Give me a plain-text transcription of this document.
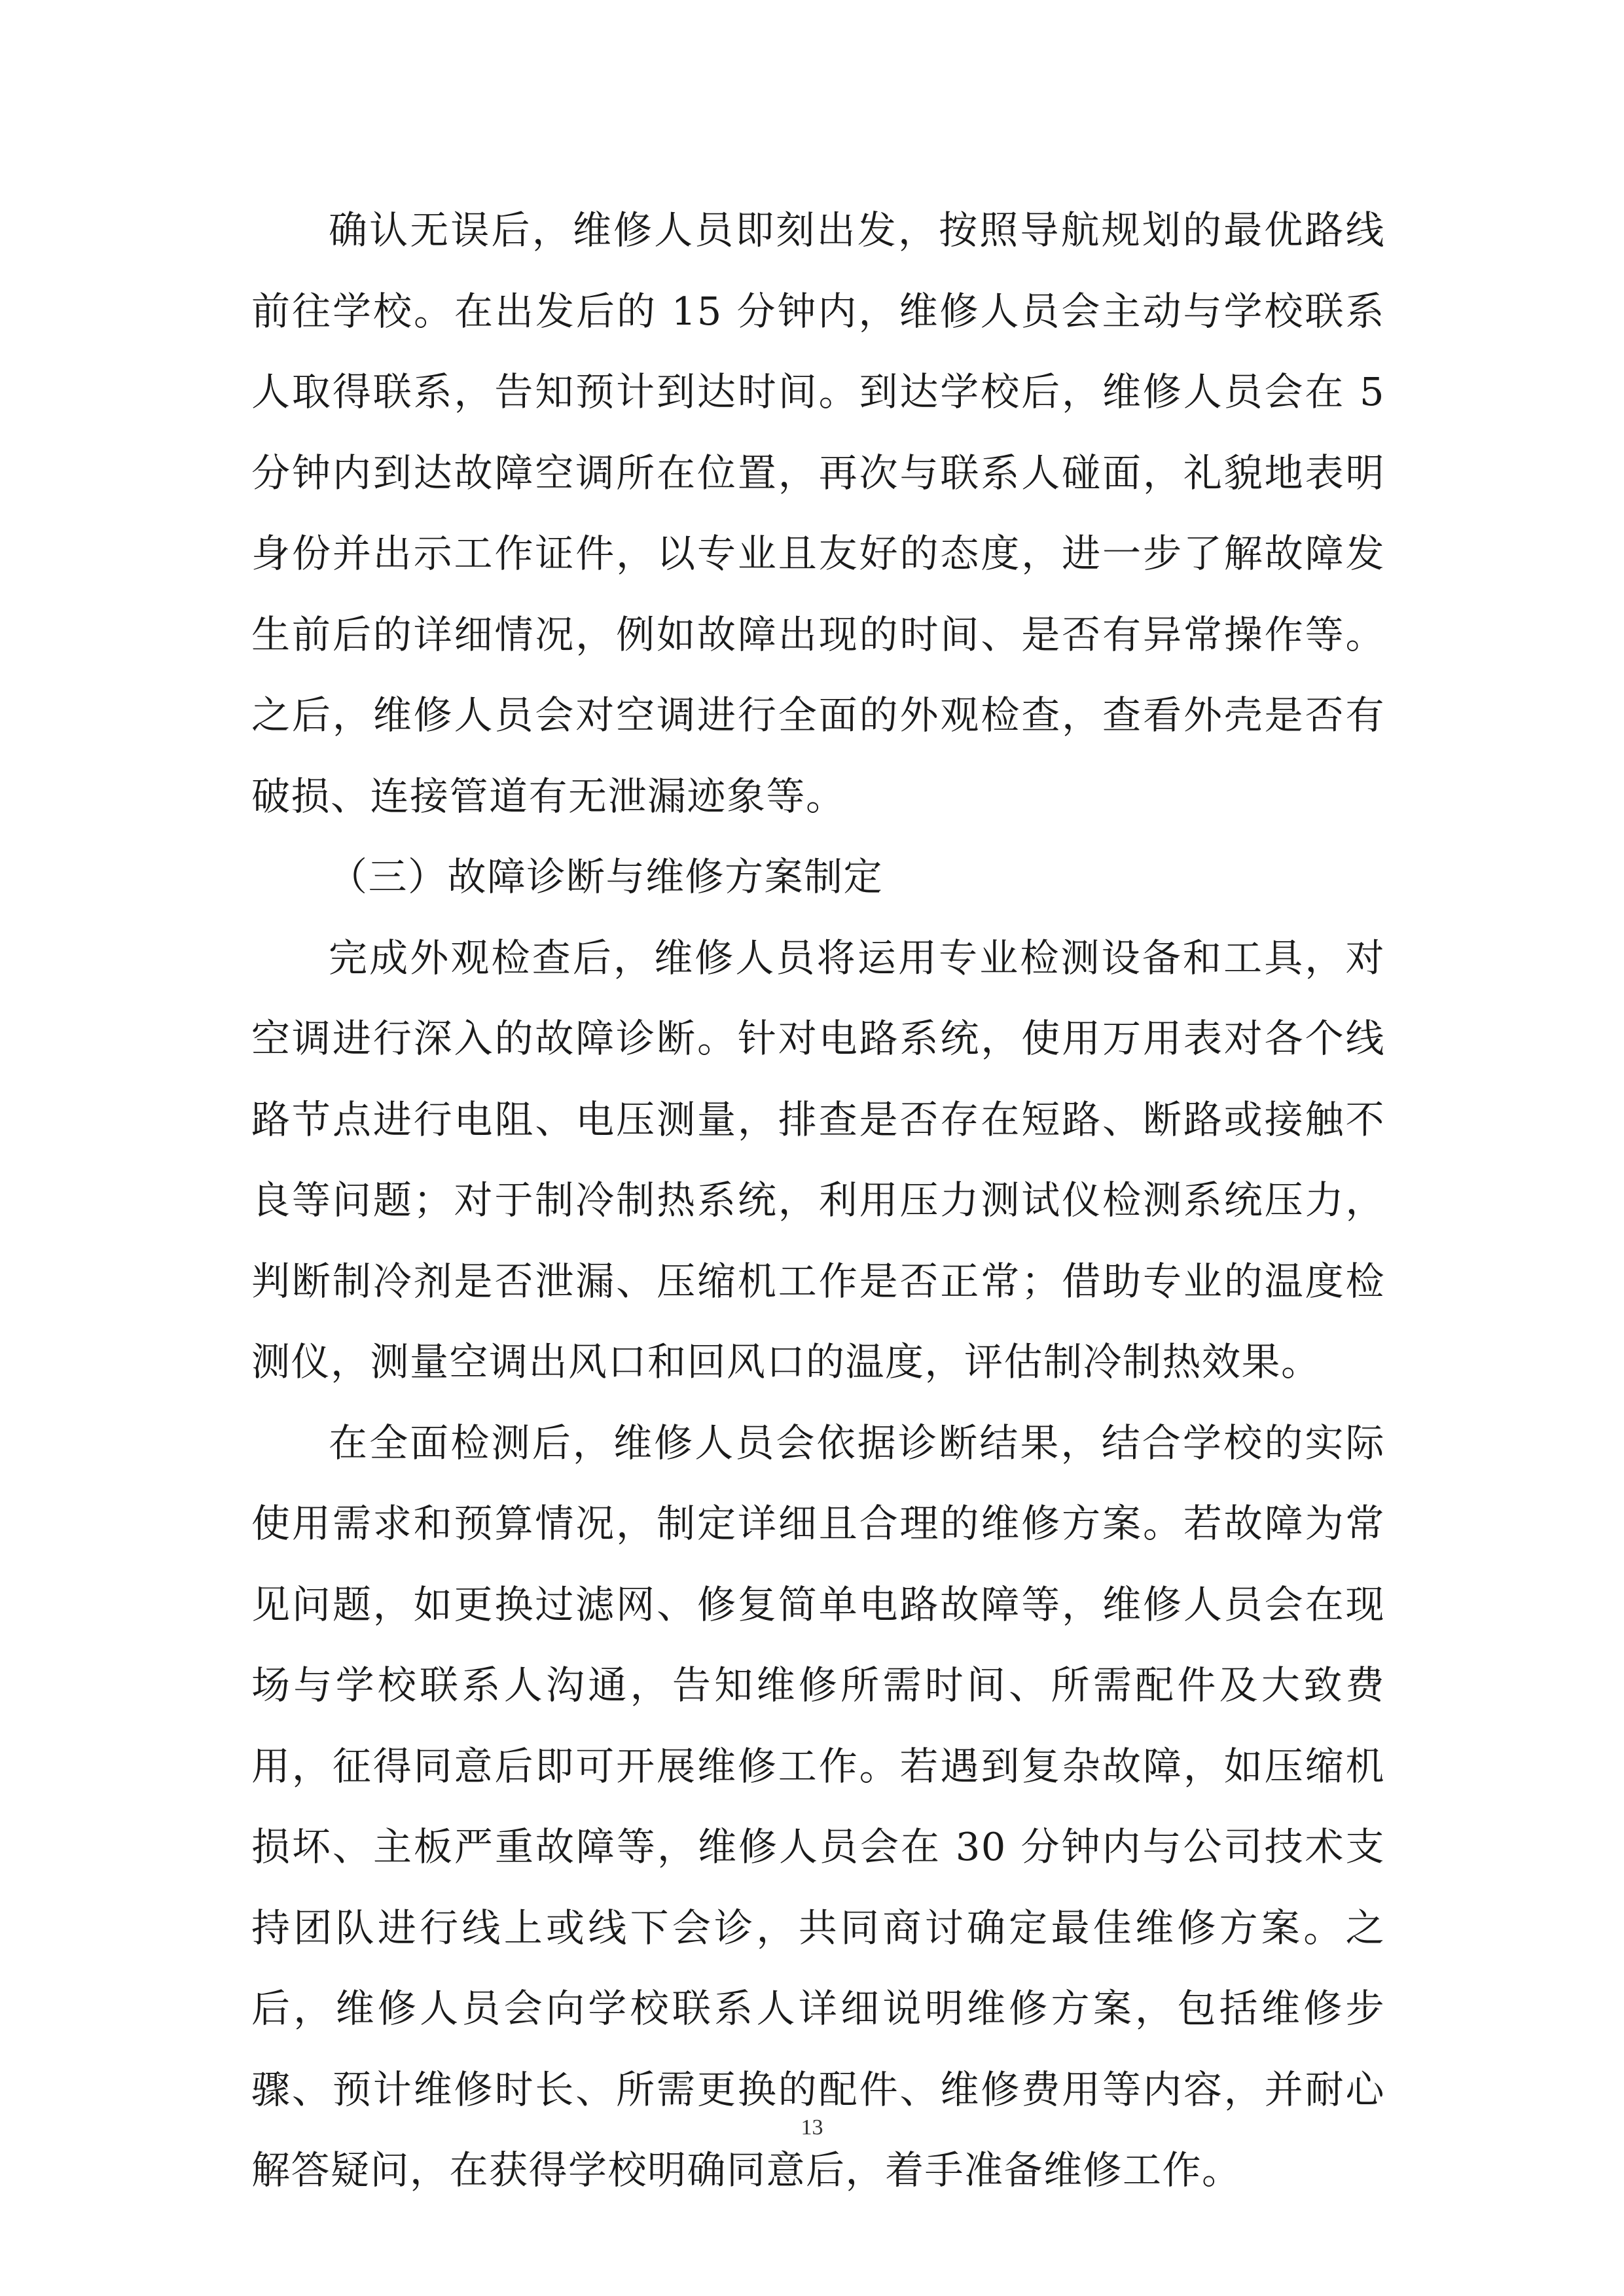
确认无误后，维修人员即刻出发，按照导航规划的最优路线前往学校。在出发后的 15 分钟内，维修人员会主动与学校联系人取得联系，告知预计到达时间。到达学校后，维修人员会在 5 分钟内到达故障空调所在位置，再次与联系人碰面，礼貌地表明身份并出示工作证件，以专业且友好的态度，进一步了解故障发生前后的详细情况，例如故障出现的时间、是否有异常操作等。之后，维修人员会对空调进行全面的外观检查，查看外壳是否有破损、连接管道有无泄漏迹象等。

（三）故障诊断与维修方案制定

完成外观检查后，维修人员将运用专业检测设备和工具，对空调进行深入的故障诊断。针对电路系统，使用万用表对各个线路节点进行电阻、电压测量，排查是否存在短路、断路或接触不良等问题；对于制冷制热系统，利用压力测试仪检测系统压力，判断制冷剂是否泄漏、压缩机工作是否正常；借助专业的温度检测仪，测量空调出风口和回风口的温度，评估制冷制热效果。

在全面检测后，维修人员会依据诊断结果，结合学校的实际使用需求和预算情况，制定详细且合理的维修方案。若故障为常见问题，如更换过滤网、修复简单电路故障等，维修人员会在现场与学校联系人沟通，告知维修所需时间、所需配件及大致费用，征得同意后即可开展维修工作。若遇到复杂故障，如压缩机损坏、主板严重故障等，维修人员会在 30 分钟内与公司技术支持团队进行线上或线下会诊，共同商讨确定最佳维修方案。之后，维修人员会向学校联系人详细说明维修方案，包括维修步骤、预计维修时长、所需更换的配件、维修费用等内容，并耐心解答疑问，在获得学校明确同意后，着手准备维修工作。

13
